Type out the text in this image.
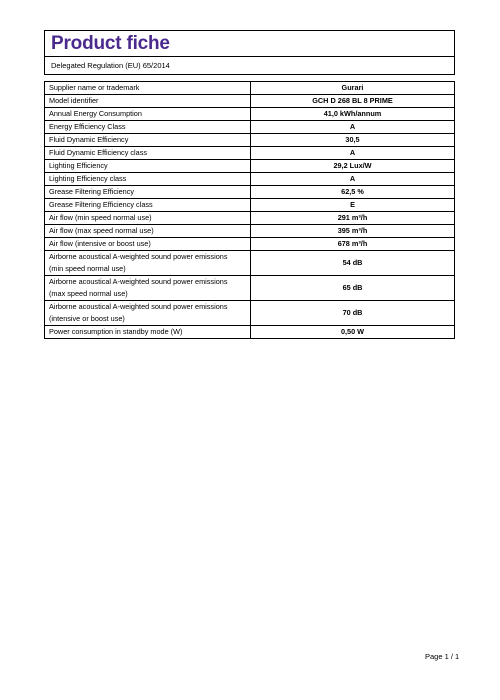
Product fiche
Delegated Regulation (EU) 65/2014
Supplier name or trademark	Gurari
Model identifier	GCH D 268 BL 8 PRIME
Annual Energy Consumption	41,0 kWh/annum
Energy Efficiency Class	A
Fluid Dynamic Efficiency	30,5
Fluid Dynamic Efficiency class	A
Lighting Efficiency	29,2 Lux/W
Lighting Efficiency class	A
Grease Filtering Efficiency	62,5 %
Grease Filtering Efficiency class	E
Air flow (min speed normal use)	291 m³/h
Air flow (max speed normal use)	395 m³/h
Air flow (intensive or boost use)	678 m³/h

Airborne acoustical A-weighted sound power emissions
(min speed normal use)	54 dB

Airborne acoustical A-weighted sound power emissions
(max speed normal use)	65 dB

Airborne acoustical A-weighted sound power emissions
(intensive or boost use)	70 dB
Power consumption in standby mode (W)	0,50 W
Page 1 / 1
